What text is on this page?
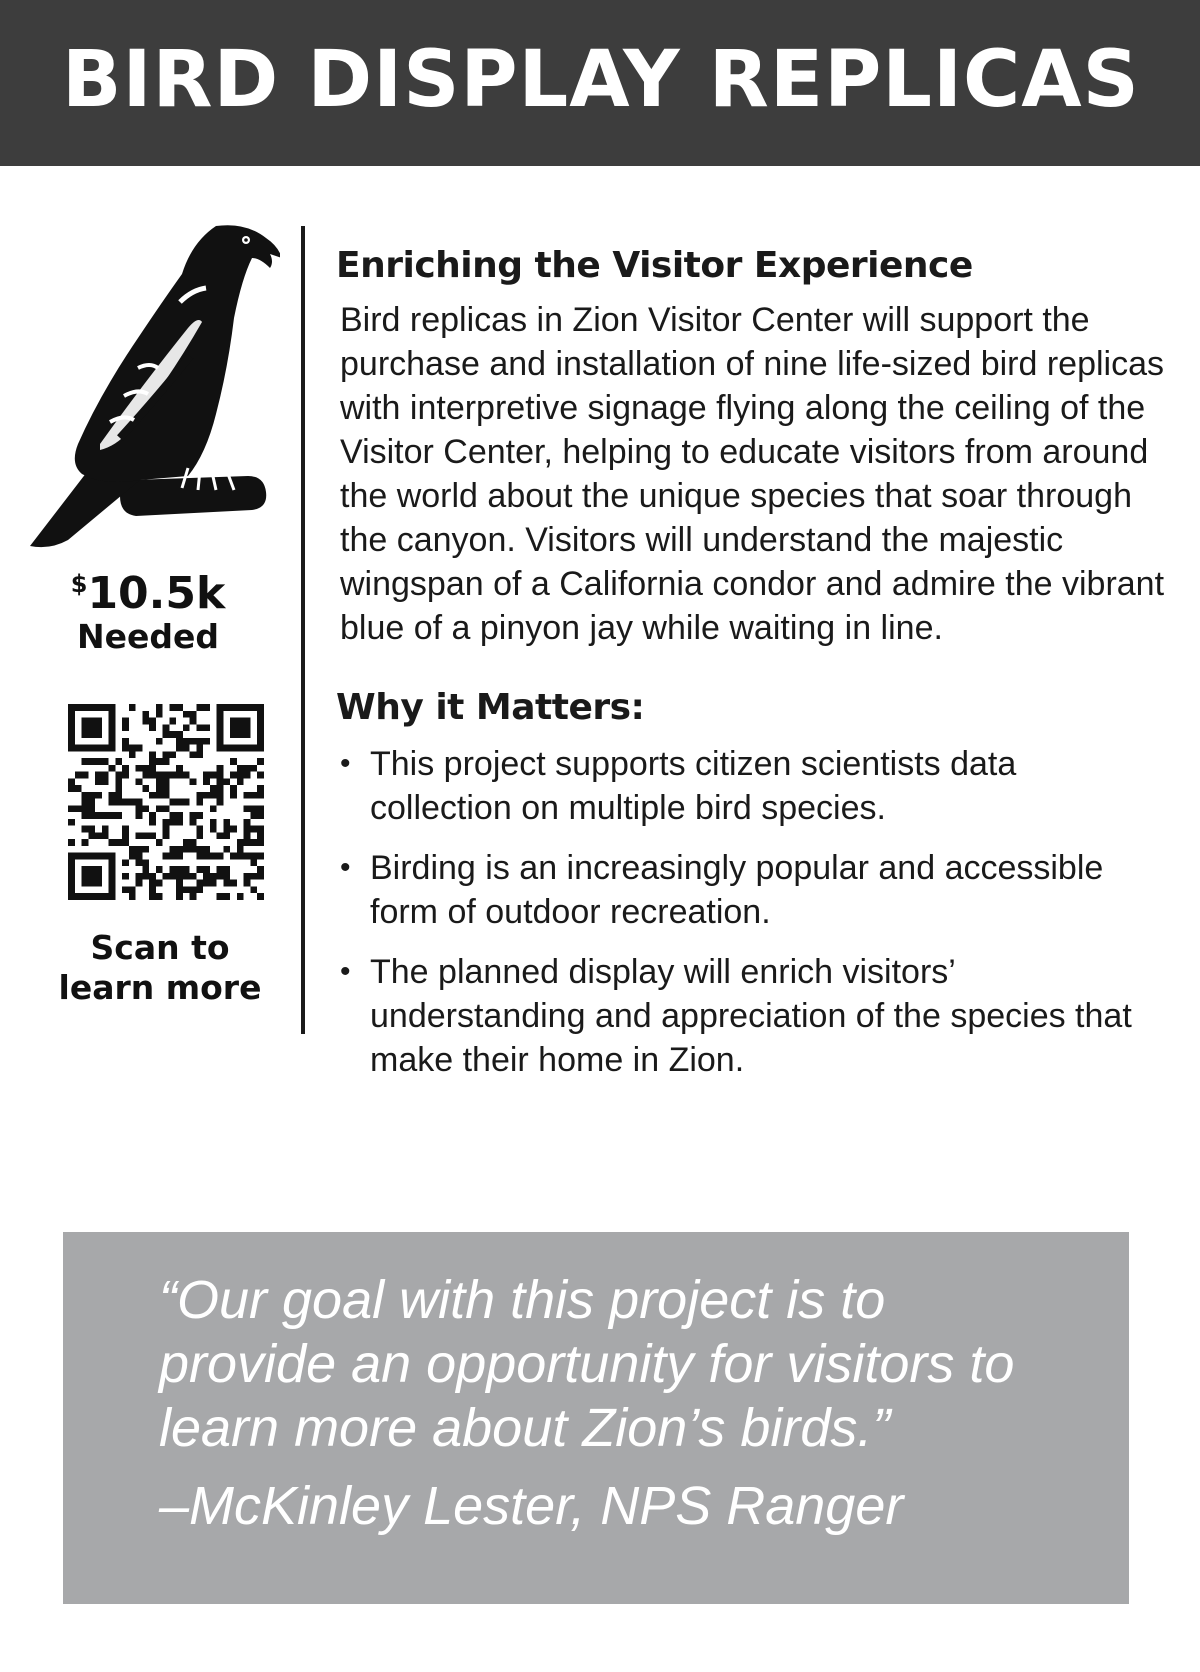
BIRD DISPLAY REPLICAS
$10.5k
Needed
Scan to
learn more
Enriching the Visitor Experience

Bird replicas in Zion Visitor Center will support the purchase and installation of nine life-sized bird replicas with interpretive signage flying along the ceiling of the Visitor Center, helping to educate visitors from around the world about the unique species that soar through the canyon. Visitors will understand the majestic wingspan of a California condor and admire the vibrant blue of a pinyon jay while waiting in line.

Why it Matters:
• This project supports citizen scientists data collection on multiple bird species.
• Birding is an increasingly popular and accessible form of outdoor recreation.
• The planned display will enrich visitors’ understanding and appreciation of the species that make their home in Zion.
“Our goal with this project is to provide an opportunity for visitors to learn more about Zion’s birds.”
–McKinley Lester, NPS Ranger
